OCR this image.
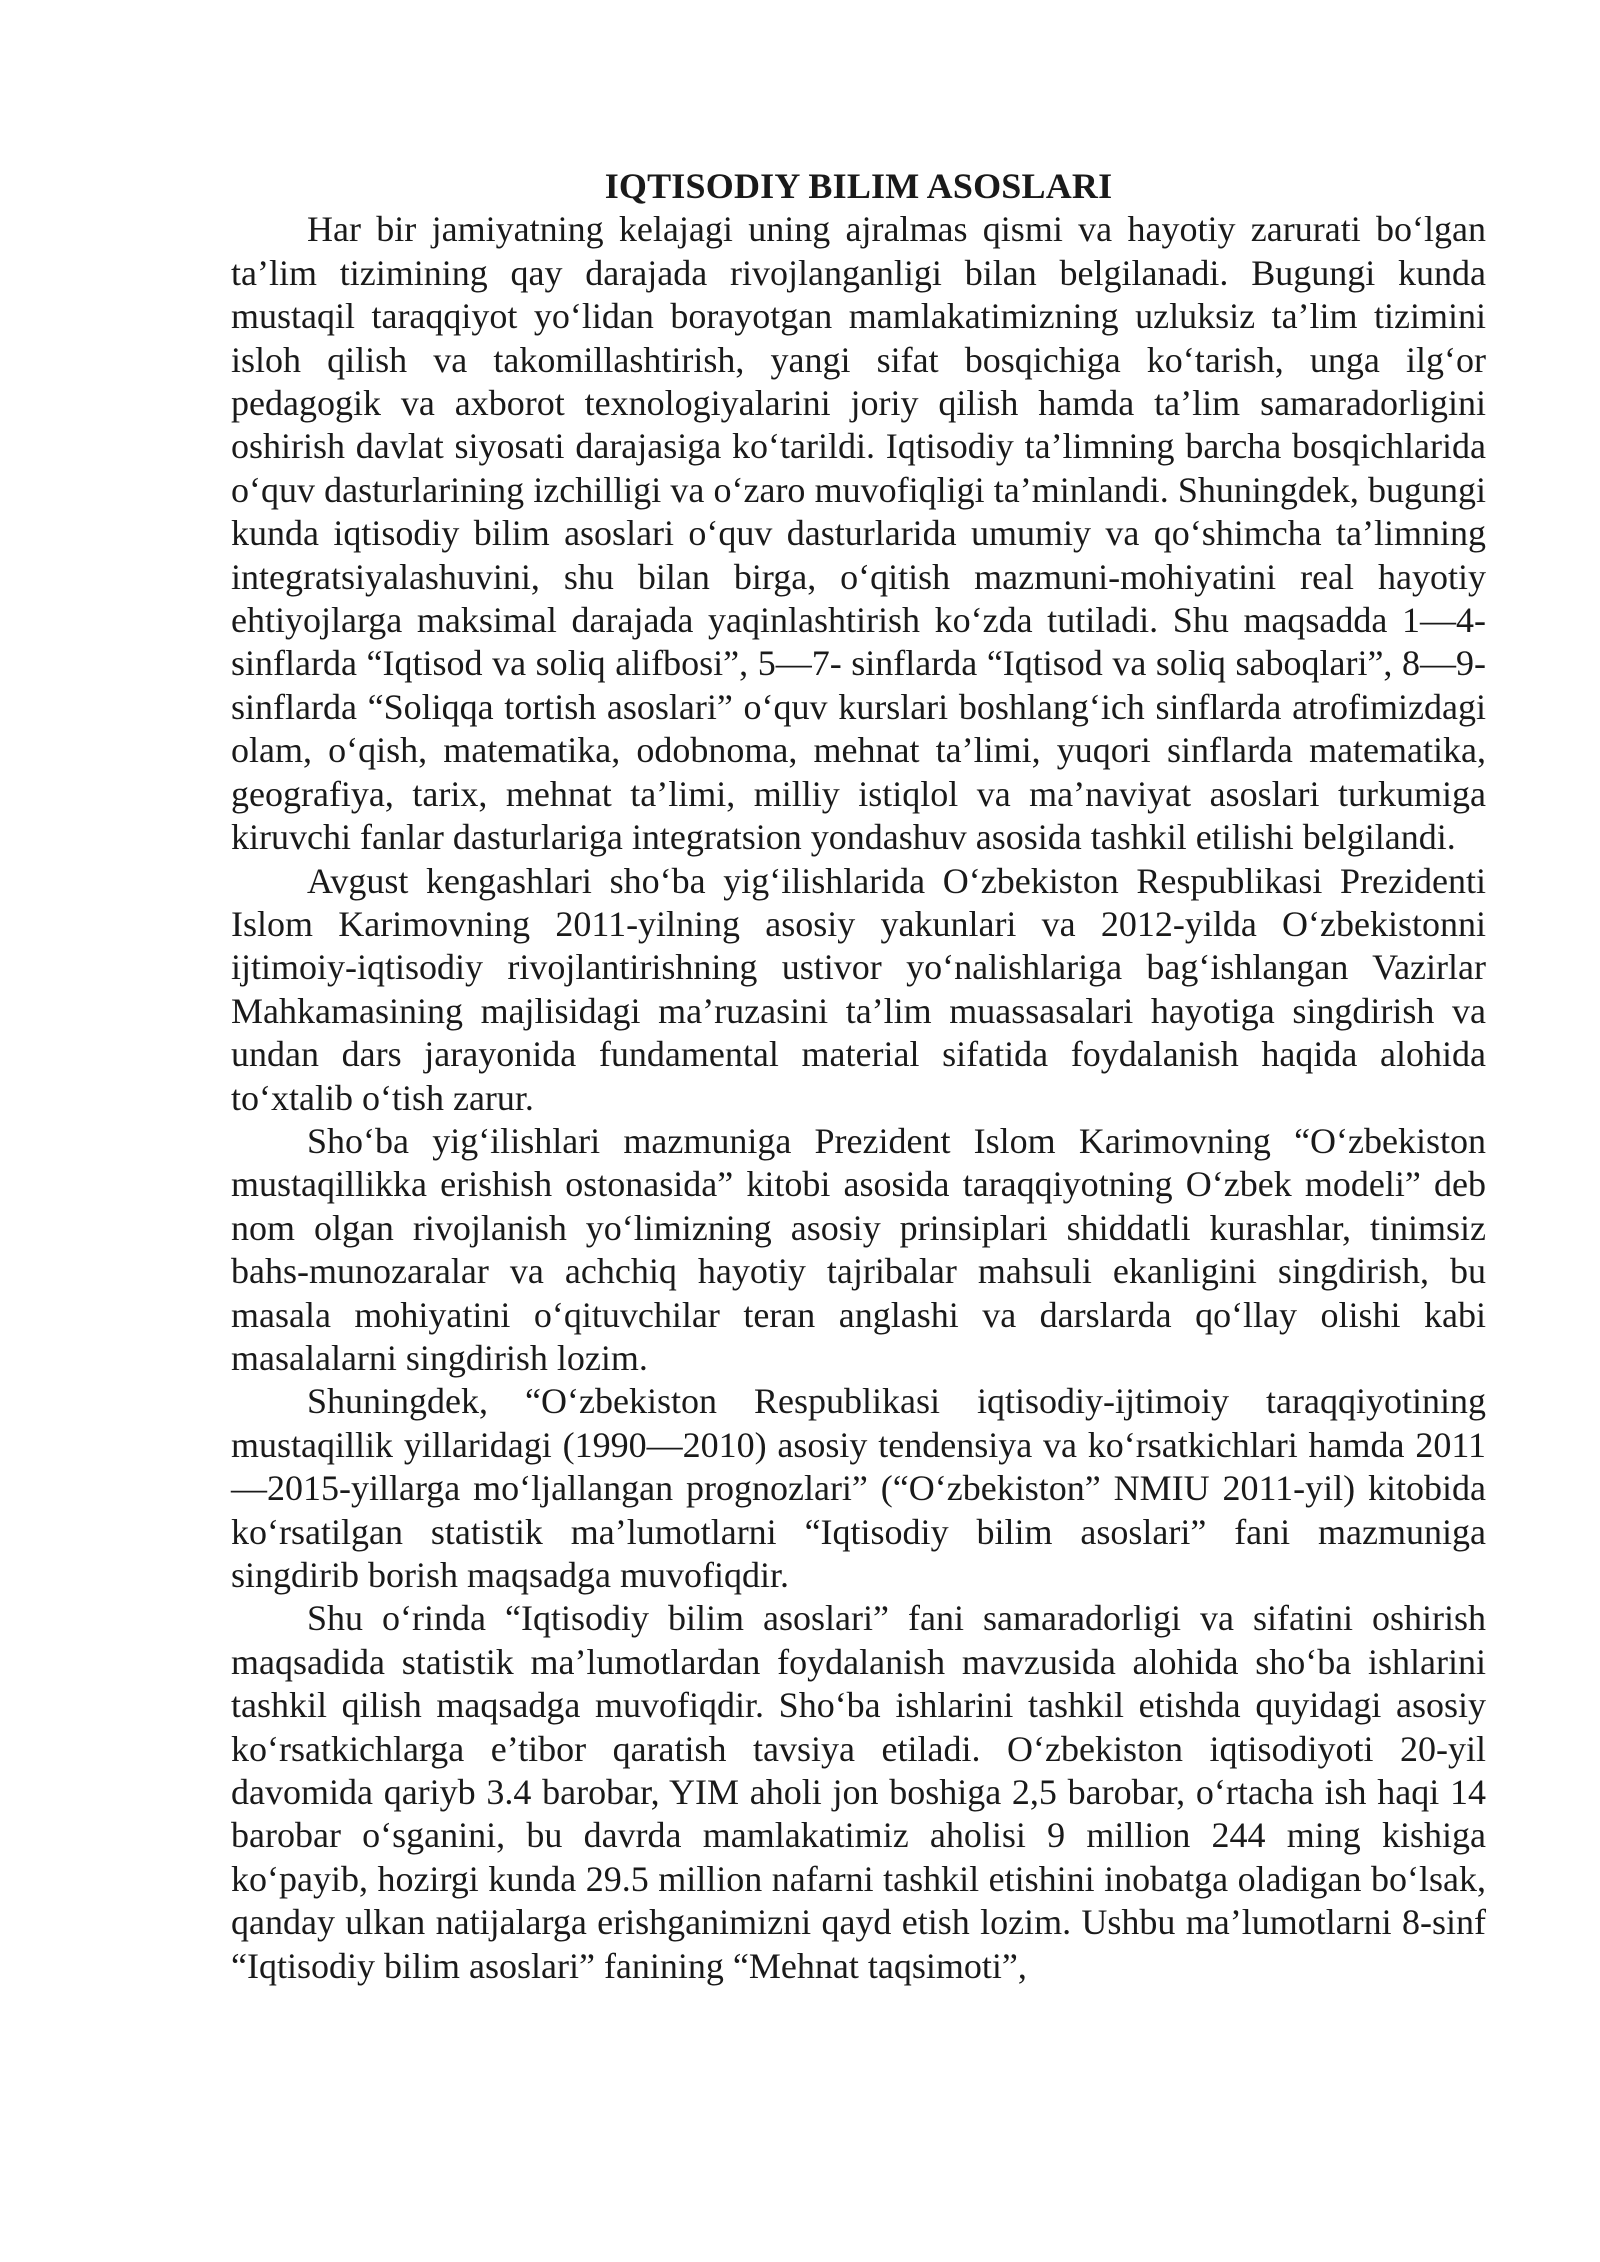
IQTISODIY BILIM ASOSLARI

Har bir jamiyatning kelajagi uning ajralmas qismi va hayotiy zarurati bo‘lgan ta’lim tizimining qay darajada rivojlanganligi bilan belgilanadi. Bugungi kunda mustaqil taraqqiyot yo‘lidan borayotgan mamlakatimizning uzluksiz ta’lim tizimini isloh qilish va takomillashtirish, yangi sifat bosqichiga ko‘tarish, unga ilg‘or pedagogik va axborot texnologiyalarini joriy qilish hamda ta’lim samaradorligini oshirish davlat siyosati darajasiga ko‘tarildi. Iqtisodiy ta’limning barcha bosqichlarida o‘quv dasturlarining izchilligi va o‘zaro muvofiqligi ta’minlandi. Shuningdek, bugungi kunda iqtisodiy bilim asoslari o‘quv dasturlarida umumiy va qo‘shimcha ta’limning integratsiyalashuvini, shu bilan birga, o‘qitish mazmuni-mohiyatini real hayotiy ehtiyojlarga maksimal darajada yaqinlashtirish ko‘zda tutiladi. Shu maqsadda 1—4-sinflarda “Iqtisod va soliq alifbosi”, 5—7- sinflarda “Iqtisod va soliq saboqlari”, 8—9-sinflarda “Soliqqa tortish asoslari” o‘quv kurslari boshlang‘ich sinflarda atrofimizdagi olam, o‘qish, matematika, odobnoma, mehnat ta’limi, yuqori sinflarda matematika, geografiya, tarix, mehnat ta’limi, milliy istiqlol va ma’naviyat asoslari turkumiga kiruvchi fanlar dasturlariga integratsion yondashuv asosida tashkil etilishi belgilandi.

Avgust kengashlari sho‘ba yig‘ilishlarida O‘zbekiston Respublikasi Prezidenti Islom Karimovning 2011-yilning asosiy yakunlari va 2012-yilda O‘zbekistonni ijtimoiy-iqtisodiy rivojlantirishning ustivor yo‘nalishlariga bag‘ishlangan Vazirlar Mahkamasining majlisidagi ma’ruzasini ta’lim muassasalari hayotiga singdirish va undan dars jarayonida fundamental material sifatida foydalanish haqida alohida to‘xtalib o‘tish zarur.

Sho‘ba yig‘ilishlari mazmuniga Prezident Islom Karimovning “O‘zbekiston mustaqillikka erishish ostonasida” kitobi asosida taraqqiyotning O‘zbek modeli” deb nom olgan rivojlanish yo‘limizning asosiy prinsiplari shiddatli kurashlar, tinimsiz bahs-munozaralar va achchiq hayotiy tajribalar mahsuli ekanligini singdirish, bu masala mohiyatini o‘qituvchilar teran anglashi va darslarda qo‘llay olishi kabi masalalarni singdirish lozim.

Shuningdek, “O‘zbekiston Respublikasi iqtisodiy-ijtimoiy taraqqiyotining mustaqillik yillaridagi (1990—2010) asosiy tendensiya va ko‘rsatkichlari hamda 2011—2015-yillarga mo‘ljallangan prognozlari” (“O‘zbekiston” NMIU 2011-yil) kitobida ko‘rsatilgan statistik ma’lumotlarni “Iqtisodiy bilim asoslari” fani mazmuniga singdirib borish maqsadga muvofiqdir.

Shu o‘rinda “Iqtisodiy bilim asoslari” fani samaradorligi va sifatini oshirish maqsadida statistik ma’lumotlardan foydalanish mavzusida alohida sho‘ba ishlarini tashkil qilish maqsadga muvofiqdir. Sho‘ba ishlarini tashkil etishda quyidagi asosiy ko‘rsatkichlarga e’tibor qaratish tavsiya etiladi. O‘zbekiston iqtisodiyoti 20-yil davomida qariyb 3.4 barobar, YIM aholi jon boshiga 2,5 barobar, o‘rtacha ish haqi 14 barobar o‘sganini, bu davrda mamlakatimiz aholisi 9 million 244 ming kishiga ko‘payib, hozirgi kunda 29.5 million nafarni tashkil etishini inobatga oladigan bo‘lsak, qanday ulkan natijalarga erishganimizni qayd etish lozim. Ushbu ma’lumotlarni 8-sinf “Iqtisodiy bilim asoslari” fanining “Mehnat taqsimoti”,
